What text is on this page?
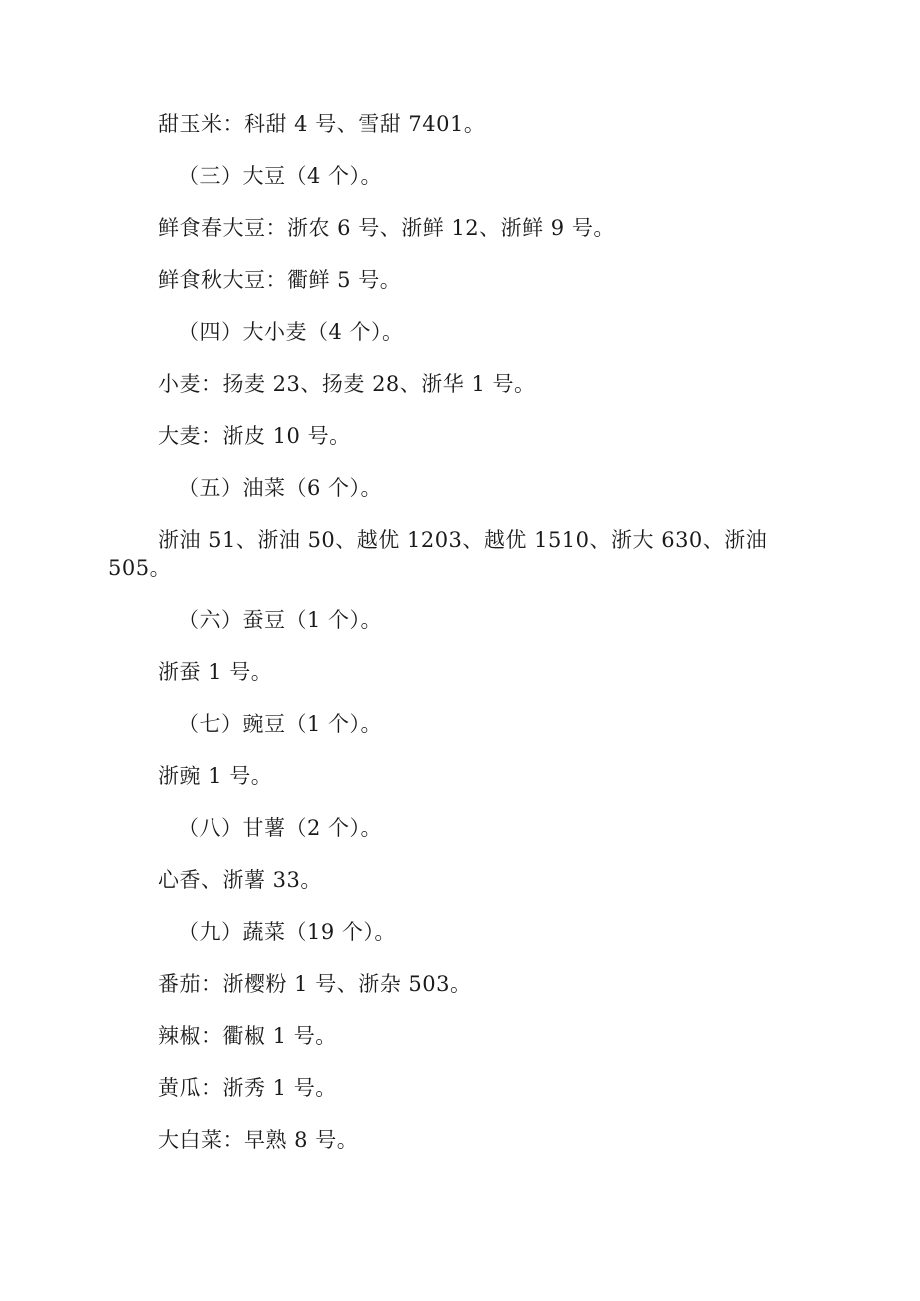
甜玉米：科甜 4 号、雪甜 7401。
（三）大豆（4 个）。
鲜食春大豆：浙农 6 号、浙鲜 12、浙鲜 9 号。
鲜食秋大豆：衢鲜 5 号。
（四）大小麦（4 个）。
小麦：扬麦 23、扬麦 28、浙华 1 号。
大麦：浙皮 10 号。
（五）油菜（6 个）。
浙油 51、浙油 50、越优 1203、越优 1510、浙大 630、浙油 505。
（六）蚕豆（1 个）。
浙蚕 1 号。
（七）豌豆（1 个）。
浙豌 1 号。
（八）甘薯（2 个）。
心香、浙薯 33。
（九）蔬菜（19 个）。
番茄：浙樱粉 1 号、浙杂 503。
辣椒：衢椒 1 号。
黄瓜：浙秀 1 号。
大白菜：早熟 8 号。
